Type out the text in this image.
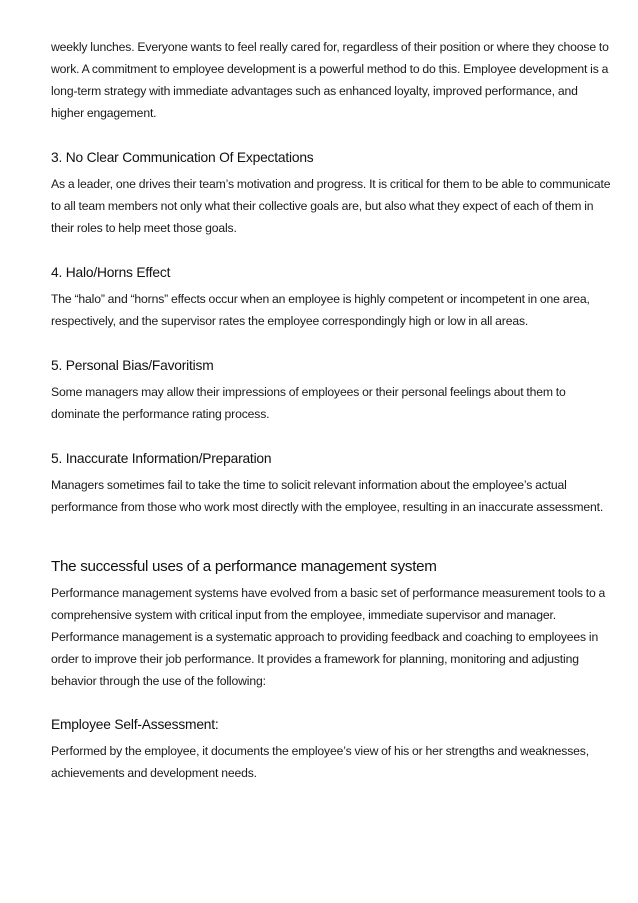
weekly lunches. Everyone wants to feel really cared for, regardless of their position or where they choose to work. A commitment to employee development is a powerful method to do this. Employee development is a long-term strategy with immediate advantages such as enhanced loyalty, improved performance, and higher engagement.

3. No Clear Communication Of Expectations

As a leader, one drives their team’s motivation and progress. It is critical for them to be able to communicate to all team members not only what their collective goals are, but also what they expect of each of them in their roles to help meet those goals.

4. Halo/Horns Effect

The “halo” and “horns” effects occur when an employee is highly competent or incompetent in one area, respectively, and the supervisor rates the employee correspondingly high or low in all areas.

5. Personal Bias/Favoritism

Some managers may allow their impressions of employees or their personal feelings about them to dominate the performance rating process.

5. Inaccurate Information/Preparation

Managers sometimes fail to take the time to solicit relevant information about the employee’s actual performance from those who work most directly with the employee, resulting in an inaccurate assessment.

The successful uses of a performance management system

Performance management systems have evolved from a basic set of performance measurement tools to a comprehensive system with critical input from the employee, immediate supervisor and manager.

Performance management is a systematic approach to providing feedback and coaching to employees in order to improve their job performance. It provides a framework for planning, monitoring and adjusting behavior through the use of the following:

Employee Self-Assessment:

Performed by the employee, it documents the employee’s view of his or her strengths and weaknesses, achievements and development needs.
